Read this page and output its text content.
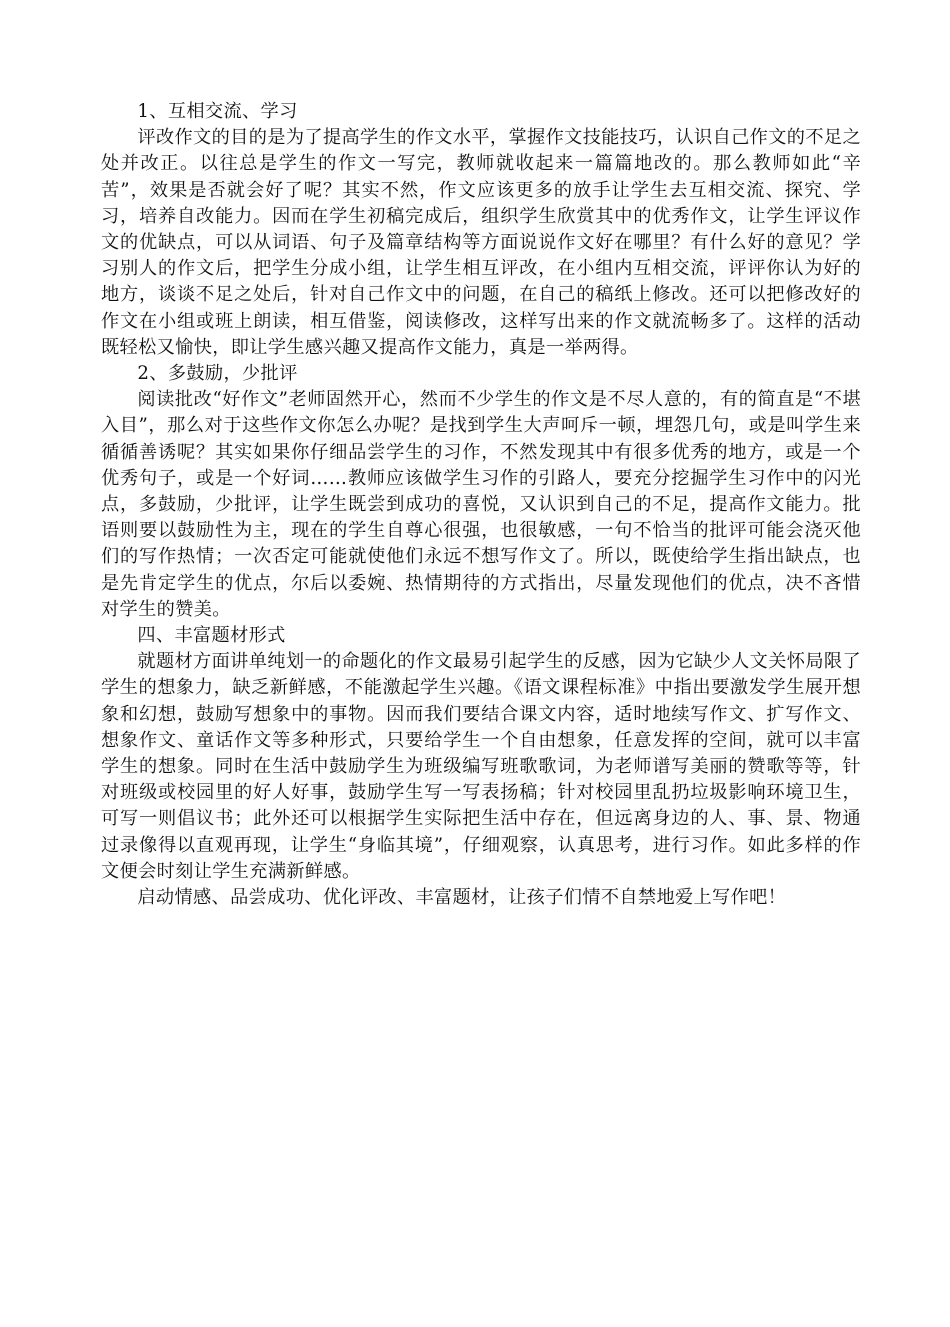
1、互相交流、学习

评改作文的目的是为了提高学生的作文水平，掌握作文技能技巧，认识自己作文的不足之处并改正。以往总是学生的作文一写完，教师就收起来一篇篇地改的。那么教师如此“辛苦”，效果是否就会好了呢？其实不然，作文应该更多的放手让学生去互相交流、探究、学习，培养自改能力。因而在学生初稿完成后，组织学生欣赏其中的优秀作文，让学生评议作文的优缺点，可以从词语、句子及篇章结构等方面说说作文好在哪里？有什么好的意见？学习别人的作文后，把学生分成小组，让学生相互评改，在小组内互相交流，评评你认为好的地方，谈谈不足之处后，针对自己作文中的问题，在自己的稿纸上修改。还可以把修改好的作文在小组或班上朗读，相互借鉴，阅读修改，这样写出来的作文就流畅多了。这样的活动既轻松又愉快，即让学生感兴趣又提高作文能力，真是一举两得。

2、多鼓励，少批评

阅读批改“好作文”老师固然开心，然而不少学生的作文是不尽人意的，有的简直是“不堪入目”，那么对于这些作文你怎么办呢？是找到学生大声呵斥一顿，埋怨几句，或是叫学生来循循善诱呢？其实如果你仔细品尝学生的习作，不然发现其中有很多优秀的地方，或是一个优秀句子，或是一个好词……教师应该做学生习作的引路人，要充分挖掘学生习作中的闪光点，多鼓励，少批评，让学生既尝到成功的喜悦，又认识到自己的不足，提高作文能力。批语则要以鼓励性为主，现在的学生自尊心很强，也很敏感，一句不恰当的批评可能会浇灭他们的写作热情；一次否定可能就使他们永远不想写作文了。所以，既使给学生指出缺点，也是先肯定学生的优点，尔后以委婉、热情期待的方式指出，尽量发现他们的优点，决不吝惜对学生的赞美。

四、丰富题材形式

就题材方面讲单纯划一的命题化的作文最易引起学生的反感，因为它缺少人文关怀局限了学生的想象力，缺乏新鲜感，不能激起学生兴趣。《语文课程标准》中指出要激发学生展开想象和幻想，鼓励写想象中的事物。因而我们要结合课文内容，适时地续写作文、扩写作文、想象作文、童话作文等多种形式，只要给学生一个自由想象，任意发挥的空间，就可以丰富学生的想象。同时在生活中鼓励学生为班级编写班歌歌词，为老师谱写美丽的赞歌等等，针对班级或校园里的好人好事，鼓励学生写一写表扬稿；针对校园里乱扔垃圾影响环境卫生，可写一则倡议书；此外还可以根据学生实际把生活中存在，但远离身边的人、事、景、物通过录像得以直观再现，让学生“身临其境”，仔细观察，认真思考，进行习作。如此多样的作文便会时刻让学生充满新鲜感。

启动情感、品尝成功、优化评改、丰富题材，让孩子们情不自禁地爱上写作吧！
